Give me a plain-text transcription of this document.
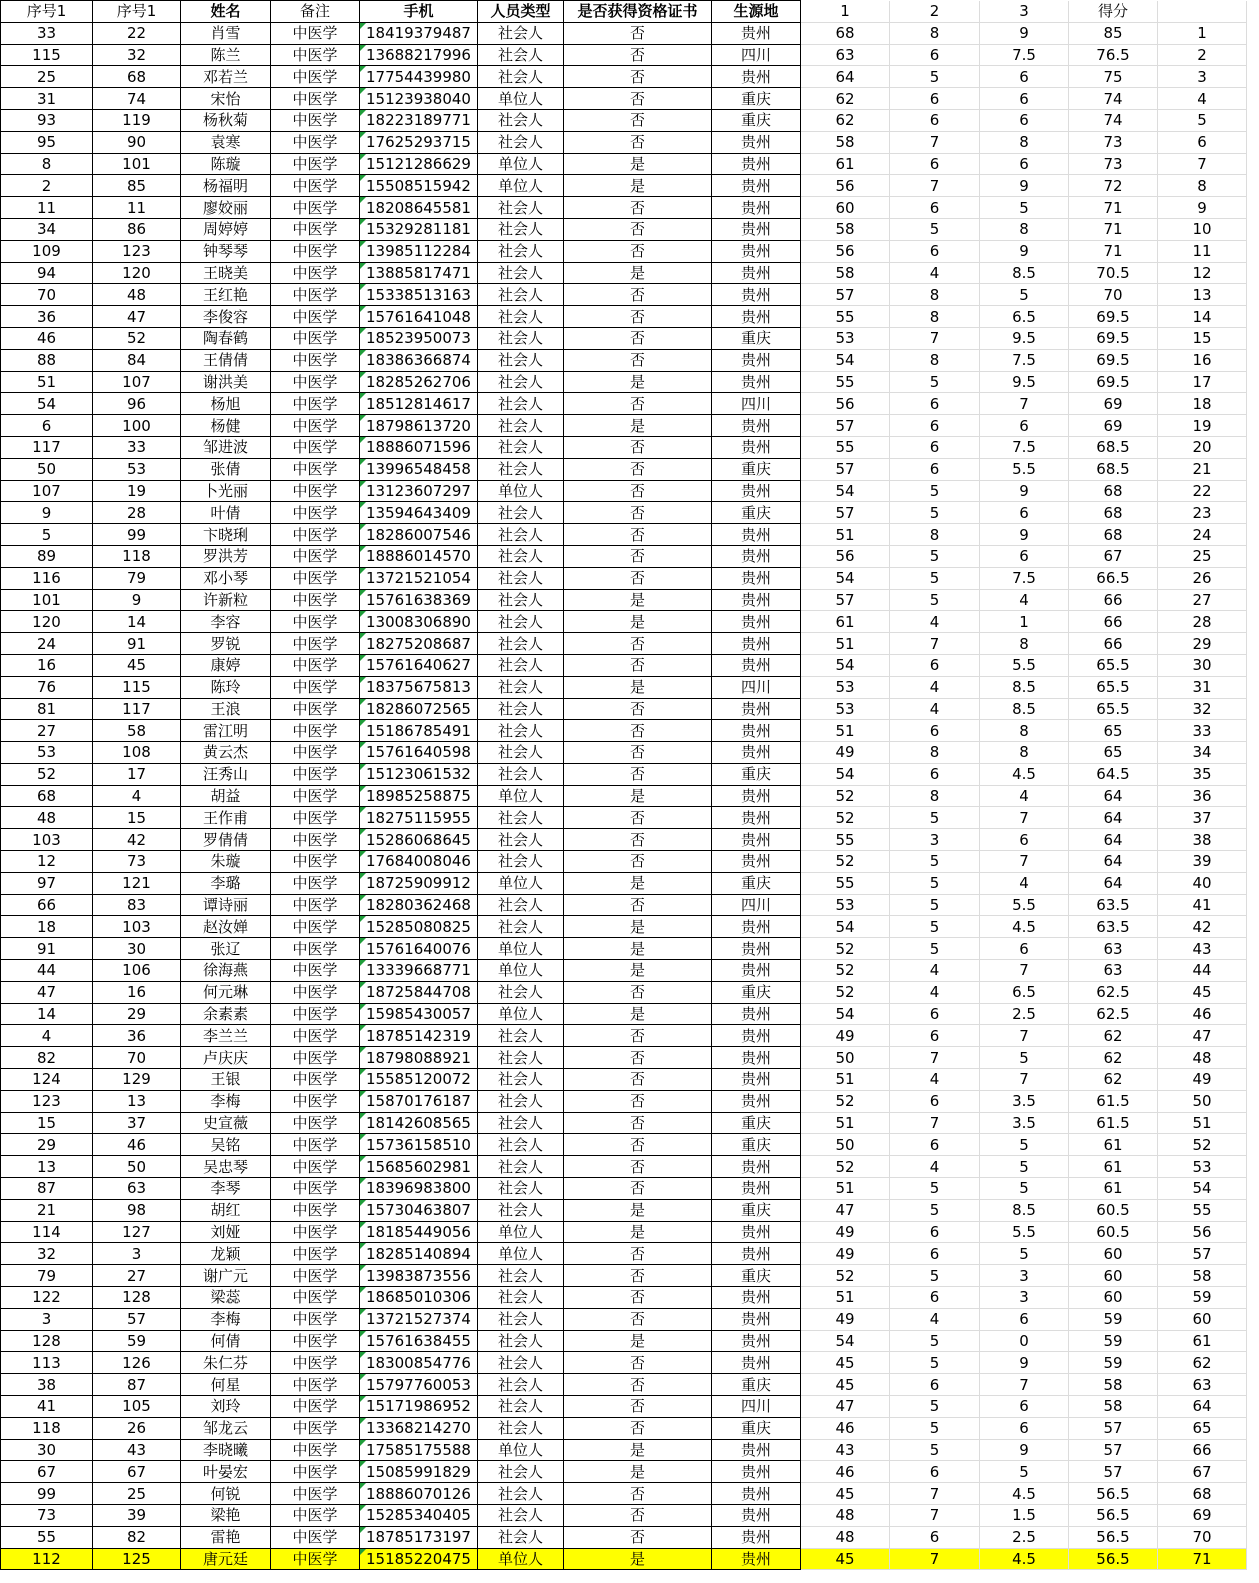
序号1	序号1	姓名	备注	手机	人员类型	是否获得资格证书	生源地	1	2	3	得分	
33	22	肖雪	中医学	18419379487	社会人	否	贵州	68	8	9	85	1
115	32	陈兰	中医学	13688217996	社会人	否	四川	63	6	7.5	76.5	2
25	68	邓若兰	中医学	17754439980	社会人	否	贵州	64	5	6	75	3
31	74	宋怡	中医学	15123938040	单位人	否	重庆	62	6	6	74	4
93	119	杨秋菊	中医学	18223189771	社会人	否	重庆	62	6	6	74	5
95	90	袁寒	中医学	17625293715	社会人	否	贵州	58	7	8	73	6
8	101	陈璇	中医学	15121286629	单位人	是	贵州	61	6	6	73	7
2	85	杨福明	中医学	15508515942	单位人	是	贵州	56	7	9	72	8
11	11	廖姣丽	中医学	18208645581	社会人	否	贵州	60	6	5	71	9
34	86	周婷婷	中医学	15329281181	社会人	否	贵州	58	5	8	71	10
109	123	钟琴琴	中医学	13985112284	社会人	否	贵州	56	6	9	71	11
94	120	王晓美	中医学	13885817471	社会人	是	贵州	58	4	8.5	70.5	12
70	48	王红艳	中医学	15338513163	社会人	否	贵州	57	8	5	70	13
36	47	李俊容	中医学	15761641048	社会人	否	贵州	55	8	6.5	69.5	14
46	52	陶春鹤	中医学	18523950073	社会人	否	重庆	53	7	9.5	69.5	15
88	84	王倩倩	中医学	18386366874	社会人	否	贵州	54	8	7.5	69.5	16
51	107	谢洪美	中医学	18285262706	社会人	是	贵州	55	5	9.5	69.5	17
54	96	杨旭	中医学	18512814617	社会人	否	四川	56	6	7	69	18
6	100	杨健	中医学	18798613720	社会人	是	贵州	57	6	6	69	19
117	33	邹进波	中医学	18886071596	社会人	否	贵州	55	6	7.5	68.5	20
50	53	张倩	中医学	13996548458	社会人	否	重庆	57	6	5.5	68.5	21
107	19	卜光丽	中医学	13123607297	单位人	否	贵州	54	5	9	68	22
9	28	叶倩	中医学	13594643409	社会人	否	重庆	57	5	6	68	23
5	99	卞晓琍	中医学	18286007546	社会人	否	贵州	51	8	9	68	24
89	118	罗洪芳	中医学	18886014570	社会人	否	贵州	56	5	6	67	25
116	79	邓小琴	中医学	13721521054	社会人	否	贵州	54	5	7.5	66.5	26
101	9	许新粒	中医学	15761638369	社会人	是	贵州	57	5	4	66	27
120	14	李容	中医学	13008306890	社会人	是	贵州	61	4	1	66	28
24	91	罗锐	中医学	18275208687	社会人	否	贵州	51	7	8	66	29
16	45	康婷	中医学	15761640627	社会人	否	贵州	54	6	5.5	65.5	30
76	115	陈玲	中医学	18375675813	社会人	是	四川	53	4	8.5	65.5	31
81	117	王浪	中医学	18286072565	社会人	否	贵州	53	4	8.5	65.5	32
27	58	雷江明	中医学	15186785491	社会人	否	贵州	51	6	8	65	33
53	108	黄云杰	中医学	15761640598	社会人	否	贵州	49	8	8	65	34
52	17	汪秀山	中医学	15123061532	社会人	否	重庆	54	6	4.5	64.5	35
68	4	胡益	中医学	18985258875	单位人	是	贵州	52	8	4	64	36
48	15	王作甫	中医学	18275115955	社会人	否	贵州	52	5	7	64	37
103	42	罗倩倩	中医学	15286068645	社会人	否	贵州	55	3	6	64	38
12	73	朱璇	中医学	17684008046	社会人	否	贵州	52	5	7	64	39
97	121	李璐	中医学	18725909912	单位人	是	重庆	55	5	4	64	40
66	83	谭诗丽	中医学	18280362468	社会人	否	四川	53	5	5.5	63.5	41
18	103	赵汝婵	中医学	15285080825	社会人	是	贵州	54	5	4.5	63.5	42
91	30	张辽	中医学	15761640076	单位人	是	贵州	52	5	6	63	43
44	106	徐海燕	中医学	13339668771	单位人	是	贵州	52	4	7	63	44
47	16	何元琳	中医学	18725844708	社会人	否	重庆	52	4	6.5	62.5	45
14	29	余素素	中医学	15985430057	单位人	是	贵州	54	6	2.5	62.5	46
4	36	李兰兰	中医学	18785142319	社会人	否	贵州	49	6	7	62	47
82	70	卢庆庆	中医学	18798088921	社会人	否	贵州	50	7	5	62	48
124	129	王银	中医学	15585120072	社会人	否	贵州	51	4	7	62	49
123	13	李梅	中医学	15870176187	社会人	否	贵州	52	6	3.5	61.5	50
15	37	史宣薇	中医学	18142608565	社会人	否	重庆	51	7	3.5	61.5	51
29	46	吴铭	中医学	15736158510	社会人	否	重庆	50	6	5	61	52
13	50	吴忠琴	中医学	15685602981	社会人	否	贵州	52	4	5	61	53
87	63	李琴	中医学	18396983800	社会人	否	贵州	51	5	5	61	54
21	98	胡红	中医学	15730463807	社会人	是	重庆	47	5	8.5	60.5	55
114	127	刘娅	中医学	18185449056	单位人	是	贵州	49	6	5.5	60.5	56
32	3	龙颖	中医学	18285140894	单位人	否	贵州	49	6	5	60	57
79	27	谢广元	中医学	13983873556	社会人	否	重庆	52	5	3	60	58
122	128	梁蕊	中医学	18685010306	社会人	否	贵州	51	6	3	60	59
3	57	李梅	中医学	13721527374	社会人	否	贵州	49	4	6	59	60
128	59	何倩	中医学	15761638455	社会人	是	贵州	54	5	0	59	61
113	126	朱仁芬	中医学	18300854776	社会人	否	贵州	45	5	9	59	62
38	87	何星	中医学	15797760053	社会人	否	重庆	45	6	7	58	63
41	105	刘玲	中医学	15171986952	社会人	否	四川	47	5	6	58	64
118	26	邹龙云	中医学	13368214270	社会人	否	重庆	46	5	6	57	65
30	43	李晓曦	中医学	17585175588	单位人	是	贵州	43	5	9	57	66
67	67	叶晏宏	中医学	15085991829	社会人	是	贵州	46	6	5	57	67
99	25	何锐	中医学	18886070126	社会人	否	贵州	45	7	4.5	56.5	68
73	39	梁艳	中医学	15285340405	社会人	否	贵州	48	7	1.5	56.5	69
55	82	雷艳	中医学	18785173197	社会人	否	贵州	48	6	2.5	56.5	70
112	125	唐元廷	中医学	15185220475	单位人	是	贵州	45	7	4.5	56.5	71
